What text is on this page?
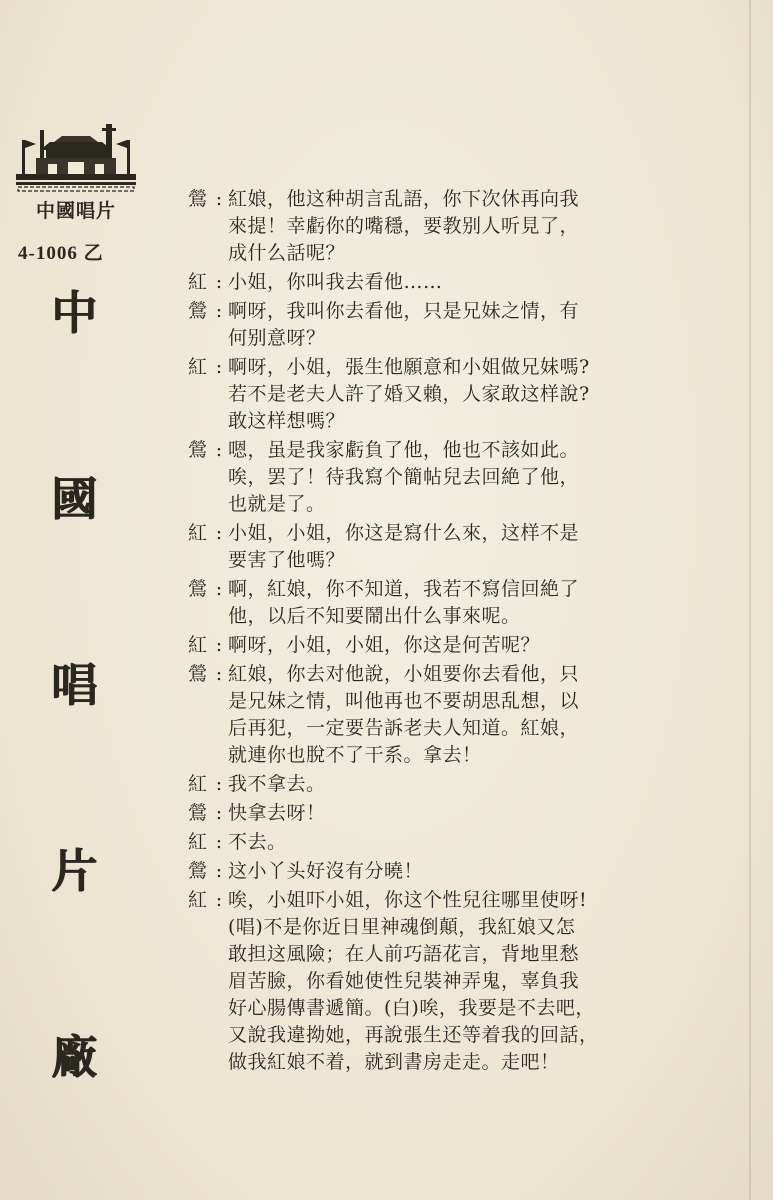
中國唱片
4-1006 乙
中
國
唱
片
廠
鶯 : 紅娘，他这种胡言乱語，你下次休再向我
來提！幸虧你的嘴穩，要教别人听見了，
成什么話呢？
紅 : 小姐，你叫我去看他……
鶯 : 啊呀，我叫你去看他，只是兄妹之情，有
何别意呀？
紅 : 啊呀，小姐，張生他願意和小姐做兄妹嗎?
若不是老夫人許了婚又賴，人家敢这样說?
敢这样想嗎？
鶯 : 嗯，虽是我家虧負了他，他也不該如此。
唉，罢了！待我寫个簡帖兒去回絶了他，
也就是了。
紅 : 小姐，小姐，你这是寫什么來，这样不是
要害了他嗎？
鶯 : 啊，紅娘，你不知道，我若不寫信回絶了
他，以后不知要鬧出什么事來呢。
紅 : 啊呀，小姐，小姐，你这是何苦呢？
鶯 : 紅娘，你去对他說，小姐要你去看他，只
是兄妹之情，叫他再也不要胡思乱想，以
后再犯，一定要告訴老夫人知道。紅娘，
就連你也脫不了干系。拿去！
紅 : 我不拿去。
鶯 : 快拿去呀！
紅 : 不去。
鶯 : 这小丫头好沒有分曉！
紅 : 唉，小姐吓小姐，你这个性兒往哪里使呀!
(唱)不是你近日里神魂倒顛，我紅娘又怎
敢担这風險；在人前巧語花言，背地里愁
眉苦臉，你看她使性兒裝神弄鬼，辜負我
好心腸傳書遞簡。(白)唉，我要是不去吧，
又說我違拗她，再說張生还等着我的回話，
做我紅娘不着，就到書房走走。走吧！
